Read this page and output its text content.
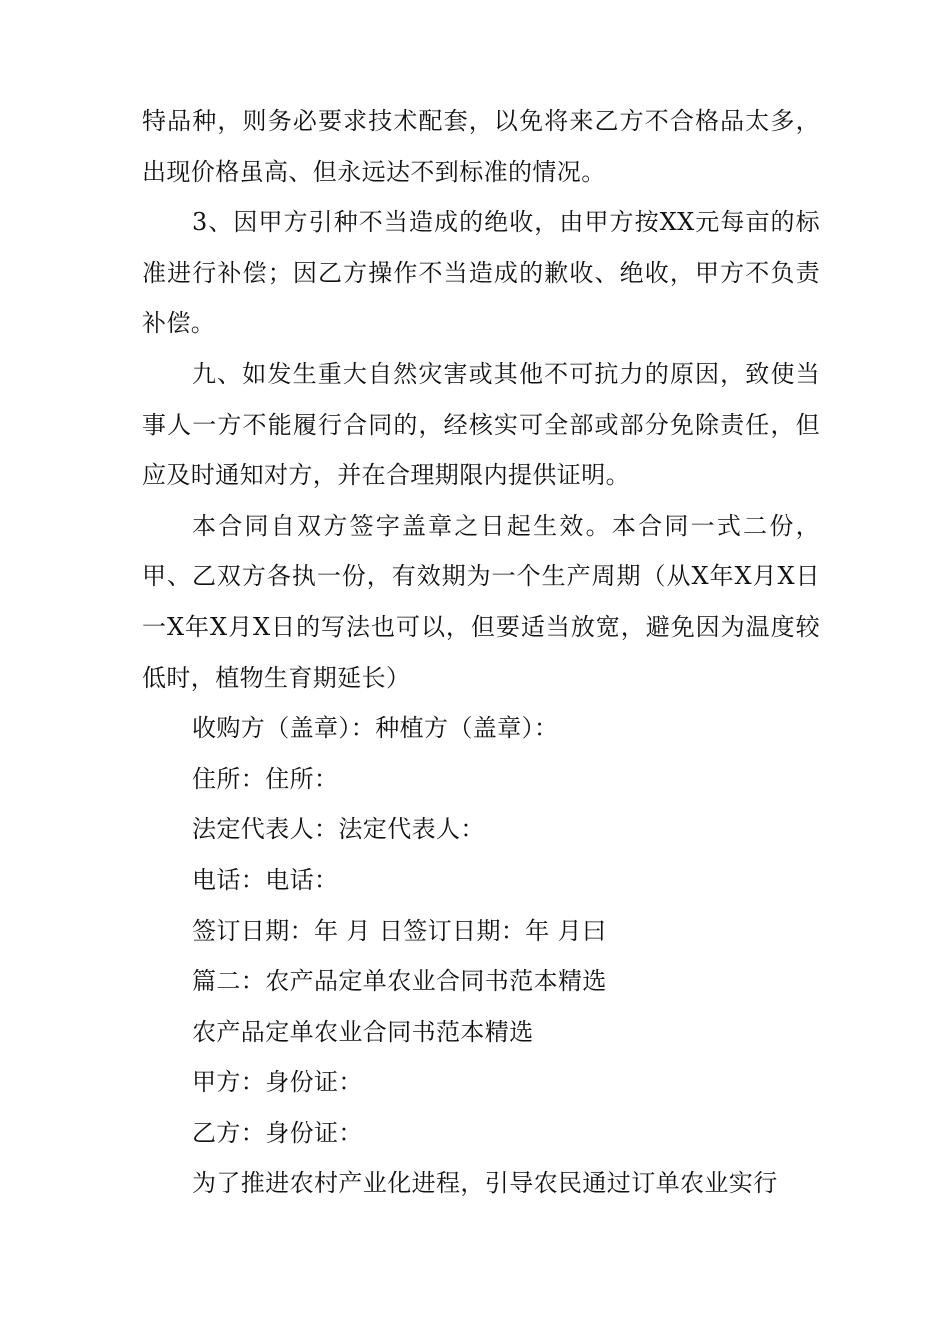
特品种，则务必要求技术配套，以免将来乙方不合格品太多，出现价格虽高、但永远达不到标准的情况。

3、因甲方引种不当造成的绝收，由甲方按XX元每亩的标准进行补偿；因乙方操作不当造成的歉收、绝收，甲方不负责补偿。

九、如发生重大自然灾害或其他不可抗力的原因，致使当事人一方不能履行合同的，经核实可全部或部分免除责任，但应及时通知对方，并在合理期限内提供证明。

本合同自双方签字盖章之日起生效。本合同一式二份，甲、乙双方各执一份，有效期为一个生产周期（从X年X月X日一X年X月X日的写法也可以，但要适当放宽，避免因为温度较低时，植物生育期延长）

收购方（盖章）：种植方（盖章）：

住所：住所：

法定代表人：法定代表人：

电话：电话：

签订日期：年 月 日签订日期：年 月曰

篇二：农产品定单农业合同书范本精选

农产品定单农业合同书范本精选

甲方：身份证：

乙方：身份证：

为了推进农村产业化进程，引导农民通过订单农业实行
